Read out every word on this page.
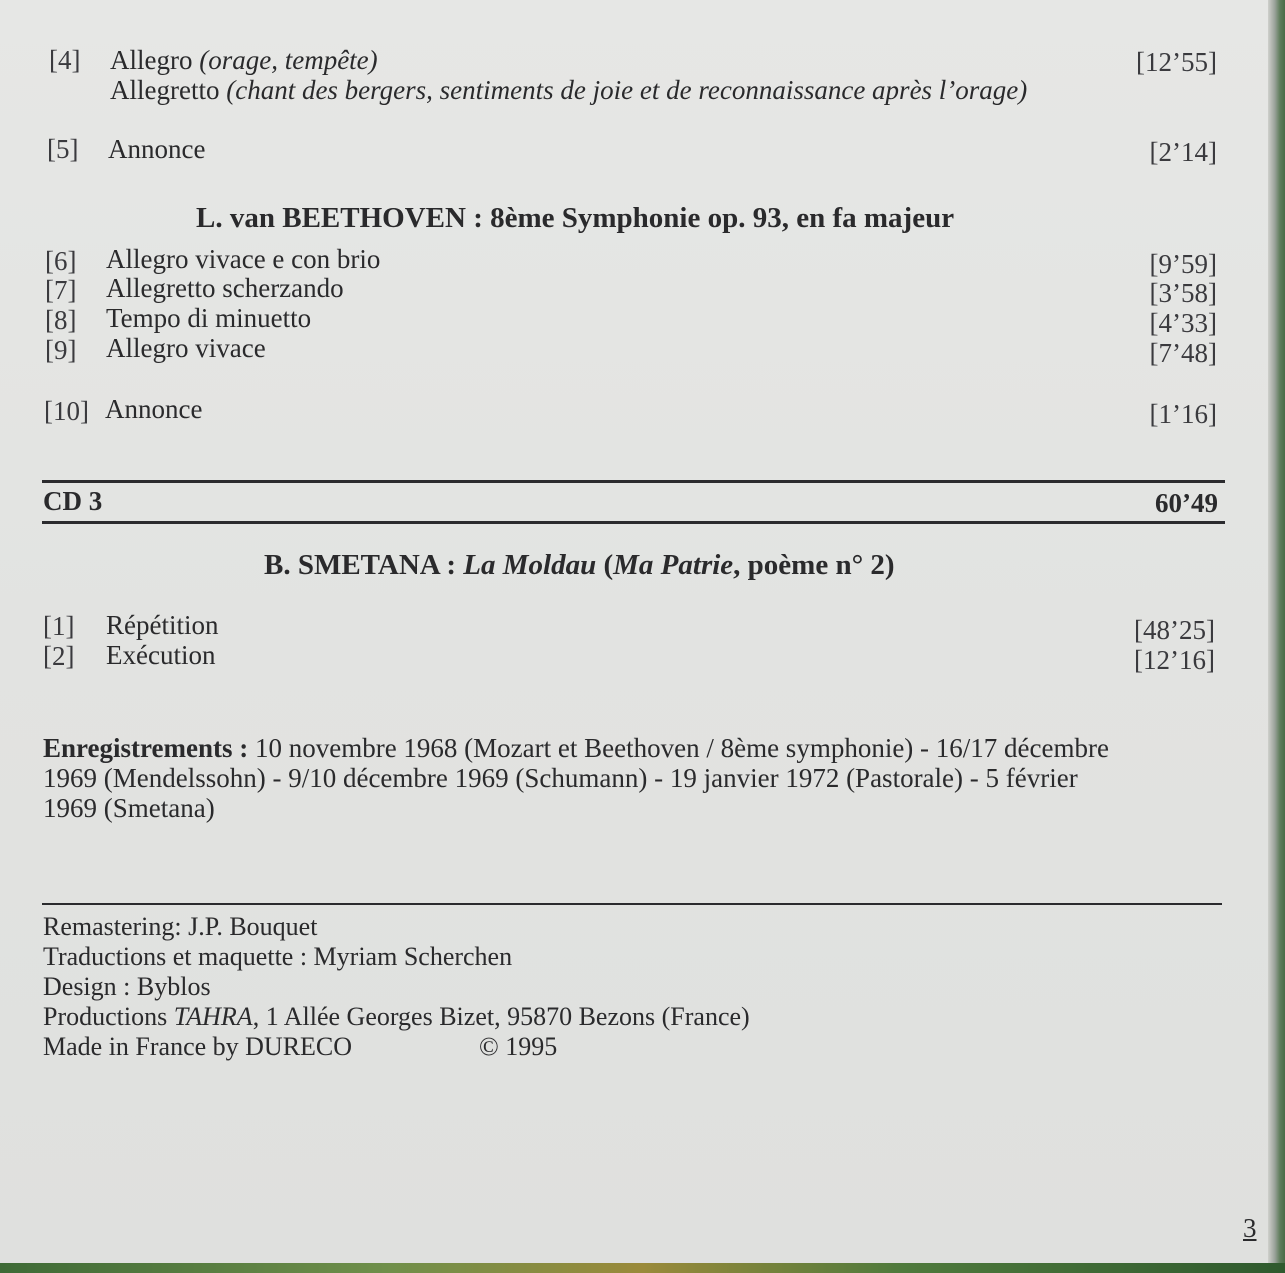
[4] Allegro (orage, tempête)	[12’55]
Allegretto (chant des bergers, sentiments de joie et de reconnaissance après l’orage)
[5] Annonce	[2’14]
L. van BEETHOVEN : 8ème Symphonie op. 93, en fa majeur
[6] Allegro vivace e con brio	[9’59]
[7] Allegretto scherzando	[3’58]
[8] Tempo di minuetto	[4’33]
[9] Allegro vivace	[7’48]
[10] Annonce	[1’16]
CD 3	60’49
B. SMETANA : La Moldau (Ma Patrie, poème n° 2)
[1] Répétition	[48’25]
[2] Exécution	[12’16]
Enregistrements : 10 novembre 1968 (Mozart et Beethoven / 8ème symphonie) - 16/17 décembre
1969 (Mendelssohn) - 9/10 décembre 1969 (Schumann) - 19 janvier 1972 (Pastorale) - 5 février
1969 (Smetana)
Remastering: J.P. Bouquet
Traductions et maquette : Myriam Scherchen
Design : Byblos
Productions TAHRA, 1 Allée Georges Bizet, 95870 Bezons (France)
Made in France by DURECO	© 1995
3
